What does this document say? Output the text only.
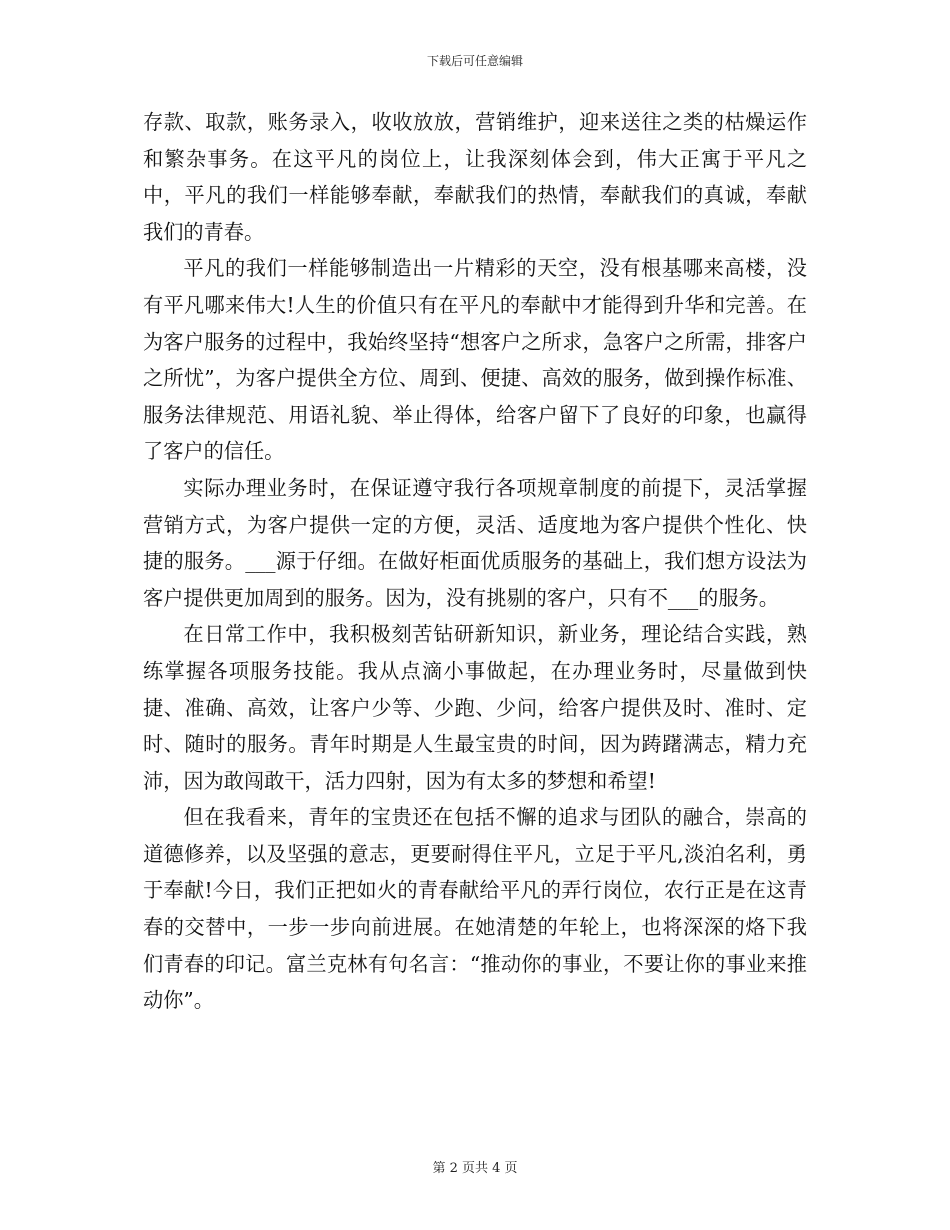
下载后可任意编辑

存款、取款，账务录入，收收放放，营销维护，迎来送往之类的枯燥运作和繁杂事务。在这平凡的岗位上，让我深刻体会到，伟大正寓于平凡之中，平凡的我们一样能够奉献，奉献我们的热情，奉献我们的真诚，奉献我们的青春。

平凡的我们一样能够制造出一片精彩的天空，没有根基哪来高楼，没有平凡哪来伟大!人生的价值只有在平凡的奉献中才能得到升华和完善。在为客户服务的过程中，我始终坚持“想客户之所求，急客户之所需，排客户之所忧”，为客户提供全方位、周到、便捷、高效的服务，做到操作标准、服务法律规范、用语礼貌、举止得体，给客户留下了良好的印象，也赢得了客户的信任。

实际办理业务时，在保证遵守我行各项规章制度的前提下，灵活掌握营销方式，为客户提供一定的方便，灵活、适度地为客户提供个性化、快捷的服务。___源于仔细。在做好柜面优质服务的基础上，我们想方设法为客户提供更加周到的服务。因为，没有挑剔的客户，只有不___的服务。

在日常工作中，我积极刻苦钻研新知识，新业务，理论结合实践，熟练掌握各项服务技能。我从点滴小事做起，在办理业务时，尽量做到快捷、准确、高效，让客户少等、少跑、少问，给客户提供及时、准时、定时、随时的服务。青年时期是人生最宝贵的时间，因为踌躇满志，精力充沛，因为敢闯敢干，活力四射，因为有太多的梦想和希望!

但在我看来，青年的宝贵还在包括不懈的追求与团队的融合，崇高的道德修养，以及坚强的意志，更要耐得住平凡，立足于平凡,淡泊名利，勇于奉献!今日，我们正把如火的青春献给平凡的弄行岗位，农行正是在这青春的交替中，一步一步向前进展。在她清楚的年轮上，也将深深的烙下我们青春的印记。富兰克林有句名言：“推动你的事业，不要让你的事业来推动你”。

第 2 页共 4 页
